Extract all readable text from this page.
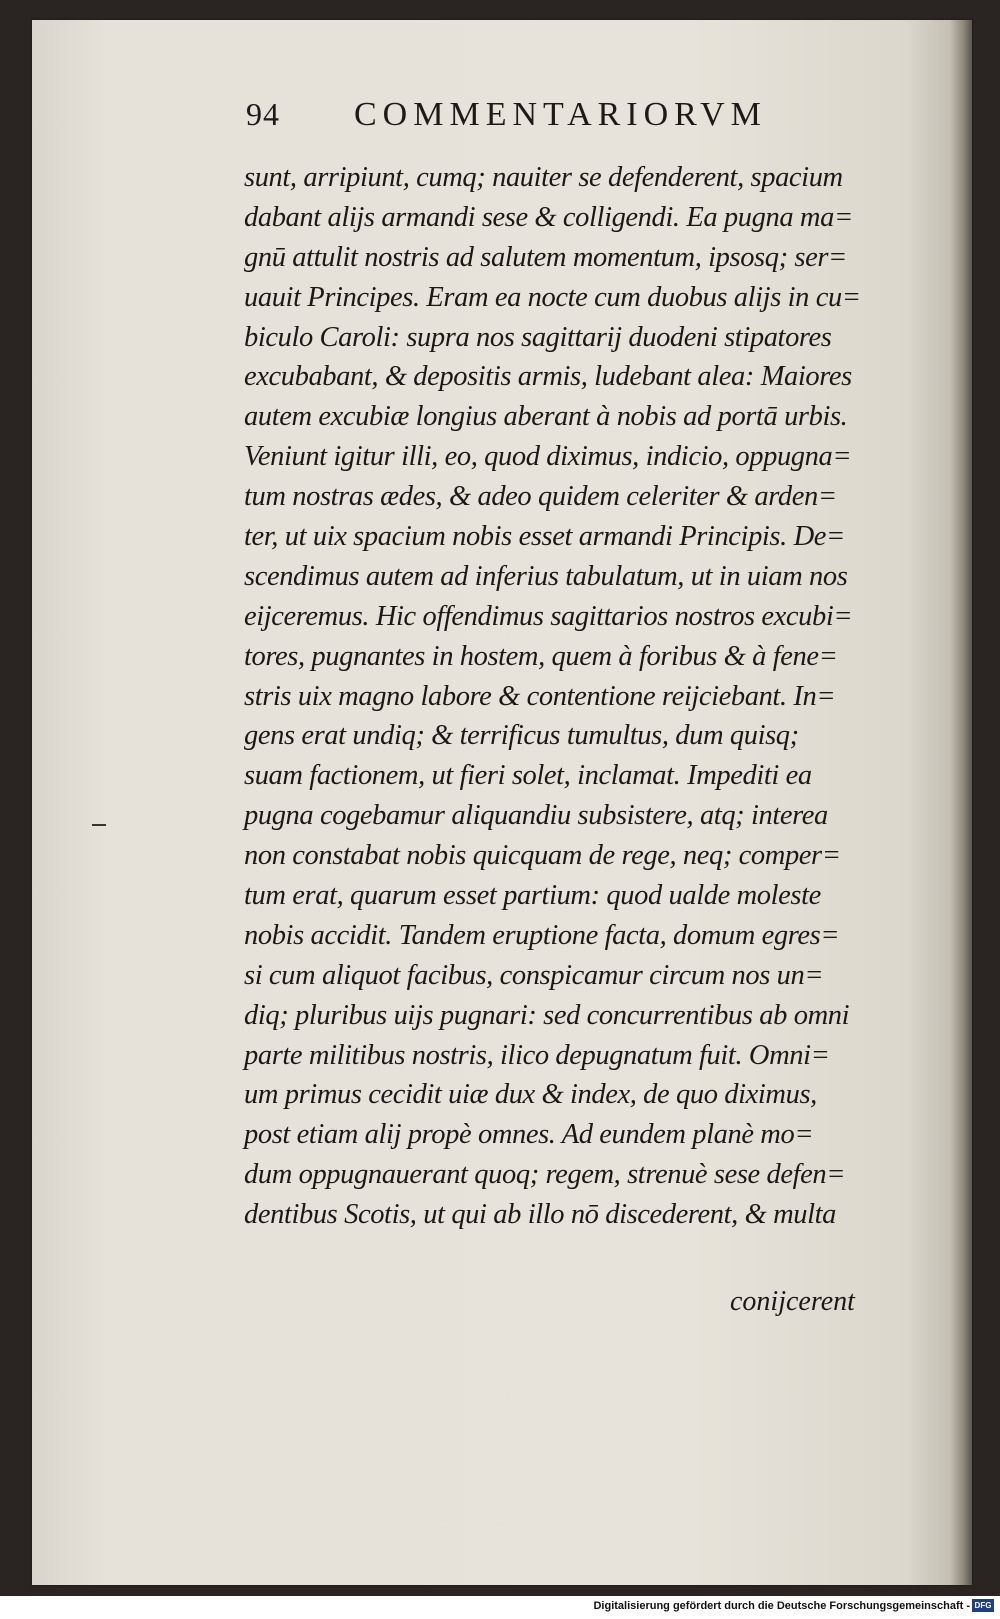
94 COMMENTARIORVM
sunt, arripiunt, cumq; nauiter se defenderent, spacium
dabant alijs armandi sese & colligendi. Ea pugna ma=
gnū attulit nostris ad salutem momentum, ipsosq; ser=
uauit Principes. Eram ea nocte cum duobus alijs in cu=
biculo Caroli: supra nos sagittarij duodeni stipatores
excubabant, & depositis armis, ludebant alea: Maiores
autem excubiæ longius aberant à nobis ad portā urbis.
Veniunt igitur illi, eo, quod diximus, indicio, oppugna=
tum nostras ædes, & adeo quidem celeriter & arden=
ter, ut uix spacium nobis esset armandi Principis. De=
scendimus autem ad inferius tabulatum, ut in uiam nos
eijceremus. Hic offendimus sagittarios nostros excubi=
tores, pugnantes in hostem, quem à foribus & à fene=
stris uix magno labore & contentione reijciebant. In=
gens erat undiq; & terrificus tumultus, dum quisq;
suam factionem, ut fieri solet, inclamat. Impediti ea
pugna cogebamur aliquandiu subsistere, atq; interea
non constabat nobis quicquam de rege, neq; comper=
tum erat, quarum esset partium: quod ualde moleste
nobis accidit. Tandem eruptione facta, domum egres=
si cum aliquot facibus, conspicamur circum nos un=
diq; pluribus uijs pugnari: sed concurrentibus ab omni
parte militibus nostris, ilico depugnatum fuit. Omni=
um primus cecidit uiæ dux & index, de quo diximus,
post etiam alij propè omnes. Ad eundem planè mo=
dum oppugnauerant quoq; regem, strenuè sese defen=
dentibus Scotis, ut qui ab illo nō discederent, & multa
conijcerent
Digitalisierung gefördert durch die Deutsche Forschungsgemeinschaft - DFG
